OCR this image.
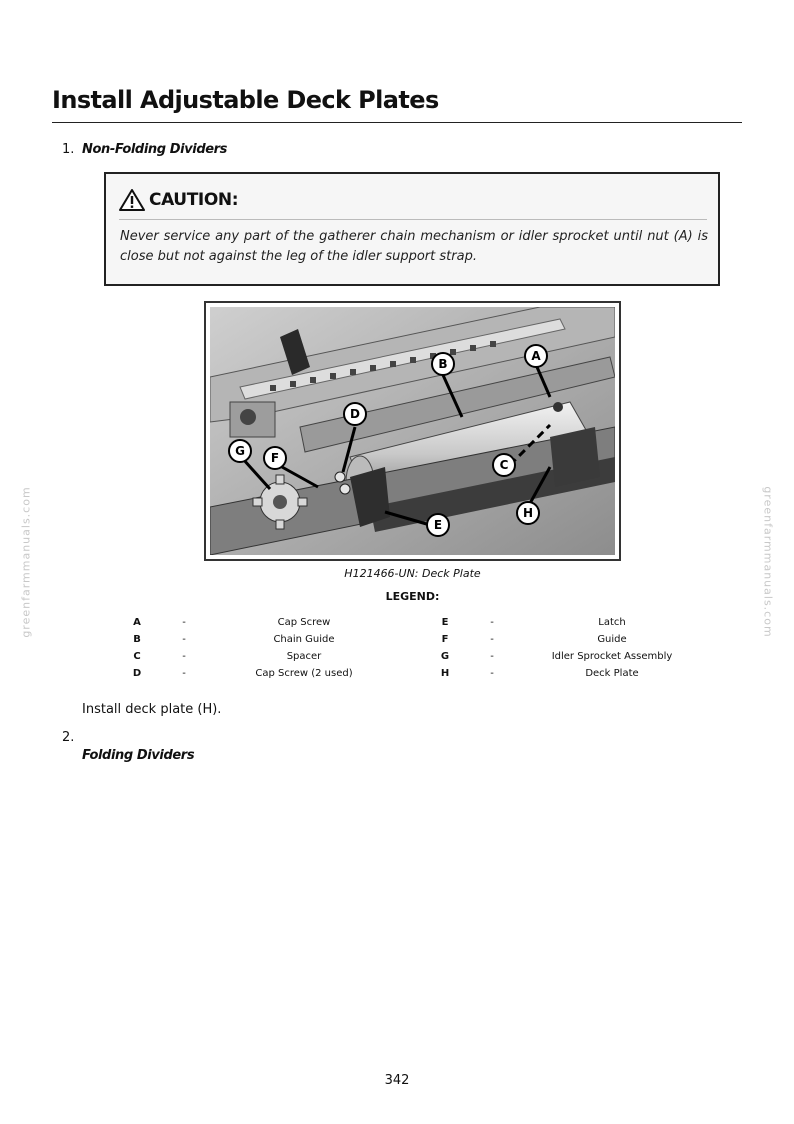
Install Adjustable Deck Plates
1. Non-Folding Dividers
CAUTION:
Never service any part of the gatherer chain mechanism or idler sprocket until nut (A) is close but not against the leg of the idler support strap.
A
B
C
D
E
F
G
H
H121466-UN: Deck Plate
LEGEND:
A	-	Cap Screw	E	-	Latch
B	-	Chain Guide	F	-	Guide
C	-	Spacer	G	-	Idler Sprocket Assembly
D	-	Cap Screw (2 used)	H	-	Deck Plate
Install deck plate (H).
2.
Folding Dividers
greenfarmmanuals.com	greenfarmmanuals.com
342
